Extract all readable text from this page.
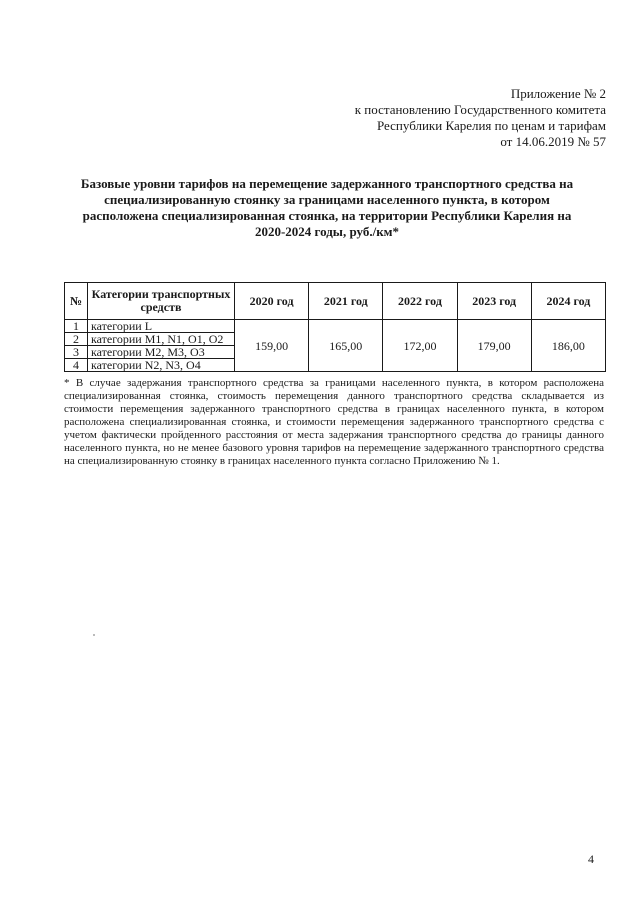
Приложение № 2
к постановлению Государственного комитета
Республики Карелия по ценам и тарифам
от 14.06.2019 № 57
Базовые уровни тарифов на перемещение задержанного транспортного средства на специализированную стоянку за границами населенного пункта, в котором расположена специализированная стоянка, на территории Республики Карелия на 2020-2024 годы, руб./км*
№	Категории транспортных средств	2020 год	2021 год	2022 год	2023 год	2024 год
1	категории L	159,00	165,00	172,00	179,00	186,00
2	категории M1, N1, O1, O2					
3	категории M2, M3, O3					
4	категории N2, N3, O4					
* В случае задержания транспортного средства за границами населенного пункта, в котором расположена специализированная стоянка, стоимость перемещения данного транспортного средства складывается из стоимости перемещения задержанного транспортного средства в границах населенного пункта, в котором расположена специализированная стоянка, и стоимости перемещения задержанного транспортного средства с учетом фактически пройденного расстояния от места задержания транспортного средства до границы данного населенного пункта, но не менее базового уровня тарифов на перемещение задержанного транспортного средства на специализированную стоянку в границах населенного пункта согласно Приложению № 1.
4
